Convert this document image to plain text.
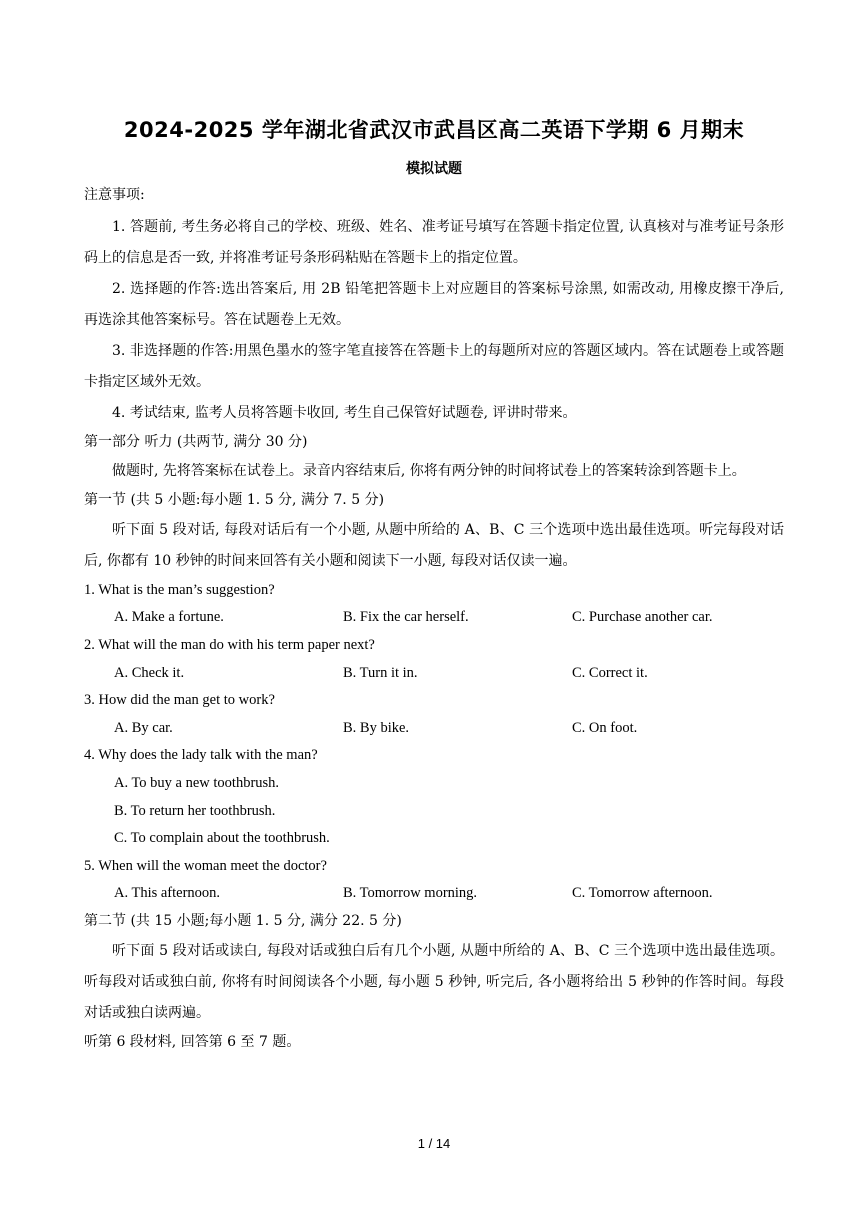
2024-2025 学年湖北省武汉市武昌区高二英语下学期 6 月期末
模拟试题
注意事项:

1. 答题前, 考生务必将自己的学校、班级、姓名、准考证号填写在答题卡指定位置, 认真核对与准考证号条形码上的信息是否一致, 并将准考证号条形码粘贴在答题卡上的指定位置。

2. 选择题的作答:选出答案后, 用 2B 铅笔把答题卡上对应题目的答案标号涂黑, 如需改动, 用橡皮擦干净后, 再选涂其他答案标号。答在试题卷上无效。

3. 非选择题的作答:用黑色墨水的签字笔直接答在答题卡上的每题所对应的答题区域内。答在试题卷上或答题卡指定区域外无效。

4. 考试结束, 监考人员将答题卡收回, 考生自己保管好试题卷, 评讲时带来。

第一部分 听力 (共两节, 满分 30 分)

做题时, 先将答案标在试卷上。录音内容结束后, 你将有两分钟的时间将试卷上的答案转涂到答题卡上。

第一节 (共 5 小题:每小题 1. 5 分, 满分 7. 5 分)

听下面 5 段对话, 每段对话后有一个小题, 从题中所给的 A、B、C 三个选项中选出最佳选项。听完每段对话后, 你都有 10 秒钟的时间来回答有关小题和阅读下一小题, 每段对话仅读一遍。

1. What is the man’s suggestion?
A. Make a fortune.	B. Fix the car herself.	C. Purchase another car.
2. What will the man do with his term paper next?
A. Check it.	B. Turn it in.	C. Correct it.
3. How did the man get to work?
A. By car.	B. By bike.	C. On foot.
4. Why does the lady talk with the man?
A. To buy a new toothbrush.
B. To return her toothbrush.
C. To complain about the toothbrush.
5. When will the woman meet the doctor?
A. This afternoon.	B. Tomorrow morning.	C. Tomorrow afternoon.
第二节 (共 15 小题;每小题 1. 5 分, 满分 22. 5 分)

听下面 5 段对话或读白, 每段对话或独白后有几个小题, 从题中所给的 A、B、C 三个选项中选出最佳选项。听每段对话或独白前, 你将有时间阅读各个小题, 每小题 5 秒钟, 听完后, 各小题将给出 5 秒钟的作答时间。每段对话或独白读两遍。

听第 6 段材料, 回答第 6 至 7 题。
1 / 14
